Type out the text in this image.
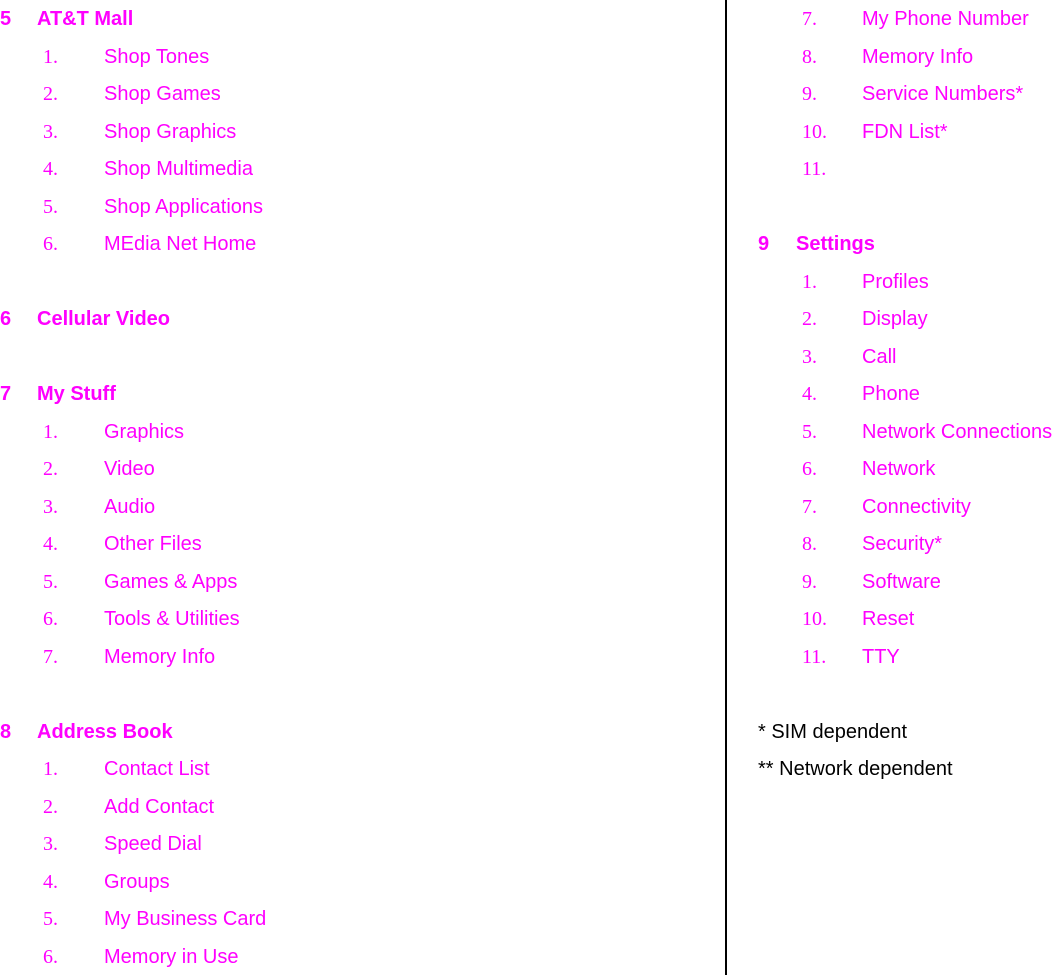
5 AT&T Mall
1. Shop Tones
2. Shop Games
3. Shop Graphics
4. Shop Multimedia
5. Shop Applications
6. MEdia Net Home
6 Cellular Video
7 My Stuff
1. Graphics
2. Video
3. Audio
4. Other Files
5. Games & Apps
6. Tools & Utilities
7. Memory Info
8 Address Book
1. Contact List
2. Add Contact
3. Speed Dial
4. Groups
5. My Business Card
6. Memory in Use
7. My Phone Number
8. Memory Info
9. Service Numbers*
10. FDN List*
11.
9 Settings
1. Profiles
2. Display
3. Call
4. Phone
5. Network Connections
6. Network
7. Connectivity
8. Security*
9. Software
10. Reset
11. TTY
* SIM dependent
** Network dependent
